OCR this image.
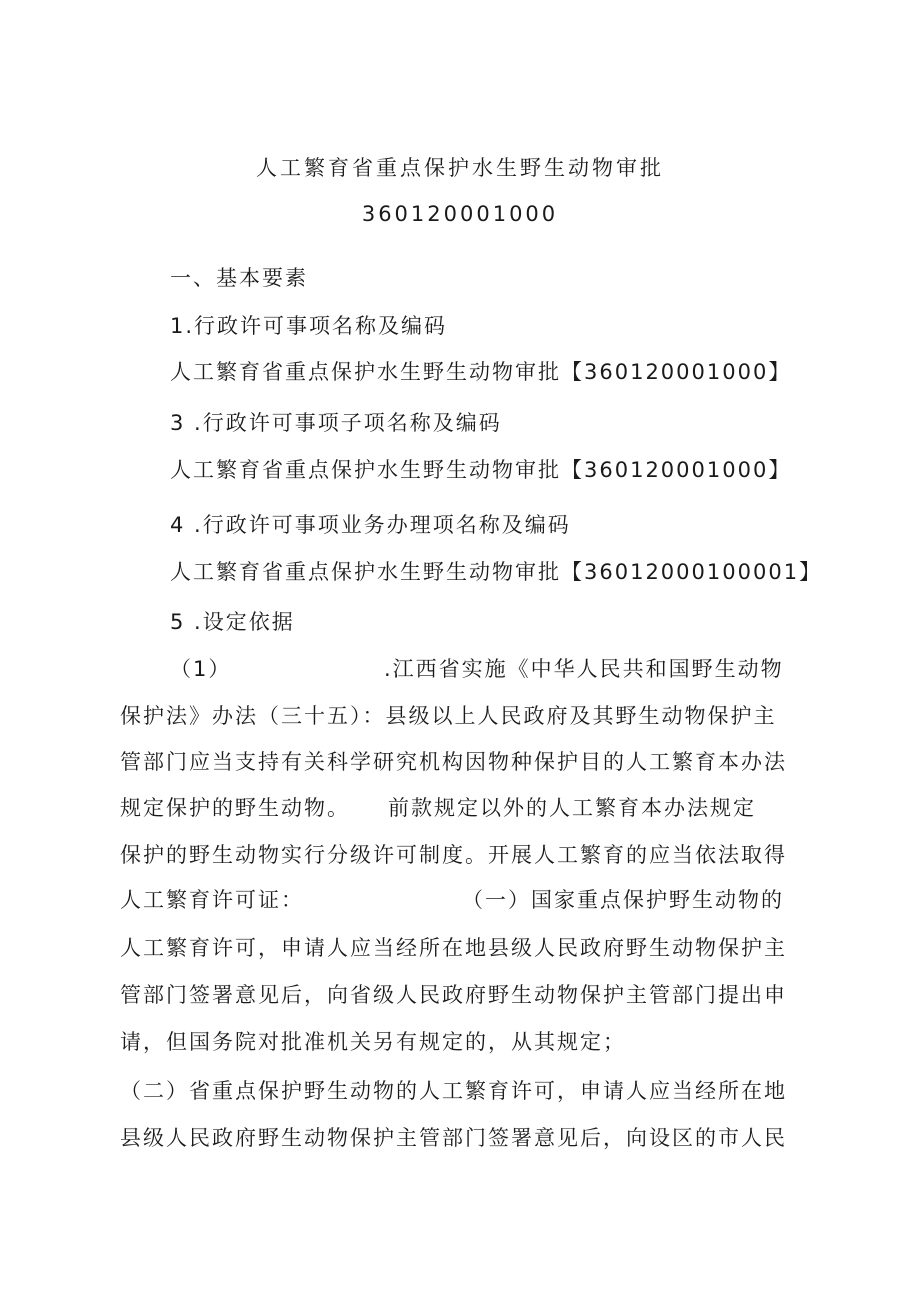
人工繁育省重点保护水生野生动物审批
360120001000
一、基本要素
1.行政许可事项名称及编码
人工繁育省重点保护水生野生动物审批【360120001000】
3 .行政许可事项子项名称及编码
人工繁育省重点保护水生野生动物审批【360120001000】
4 .行政许可事项业务办理项名称及编码
人工繁育省重点保护水生野生动物审批【36012000100001】
5 .设定依据
（1）	.江西省实施《中华人民共和国野生动物
保护法》办法（三十五）：县级以上人民政府及其野生动物保护主
管部门应当支持有关科学研究机构因物种保护目的人工繁育本办法
规定保护的野生动物。 前款规定以外的人工繁育本办法规定
保护的野生动物实行分级许可制度。开展人工繁育的应当依法取得
人工繁育许可证：	（一）国家重点保护野生动物的
人工繁育许可，申请人应当经所在地县级人民政府野生动物保护主
管部门签署意见后，向省级人民政府野生动物保护主管部门提出申
请，但国务院对批准机关另有规定的，从其规定；
（二）省重点保护野生动物的人工繁育许可，申请人应当经所在地
县级人民政府野生动物保护主管部门签署意见后，向设区的市人民
